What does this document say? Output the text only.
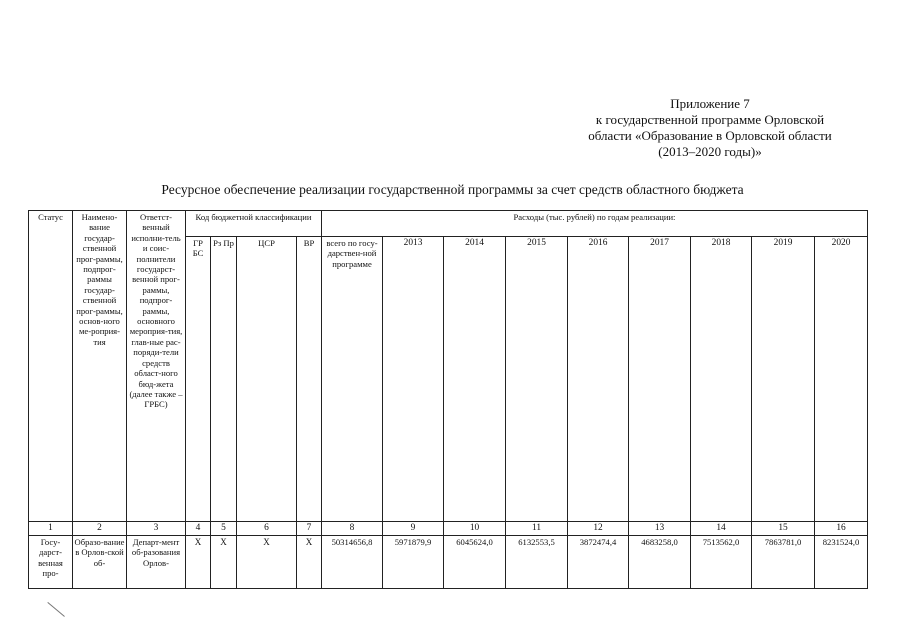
Приложение 7
к государственной программе Орловской
области «Образование в Орловской области
(2013–2020 годы)»
Ресурсное обеспечение реализации государственной программы за счет средств областного бюджета
Статус	Наимено-вание государ-ственной прог-раммы, подпрог-раммы государ-ственной прог-раммы, основ-ного ме-роприя-тия	Ответст-венный исполни-тель и соис-полнители государст-венной прог-раммы, подпрог-раммы, основного мероприя-тия, глав-ные рас-поряди-тели средств област-ного бюд-жета (далее также – ГРБС)	Код бюджетной классификации				Расходы (тыс. рублей) по годам реализации:								
			ГР БС	Рз Пр	ЦСР	ВР	всего по госу-дарствен-ной программе	2013	2014	2015	2016	2017	2018	2019	2020
1	2	3	4	5	6	7	8	9	10	11	12	13	14	15	16
Госу-дарст-венная про-	Образо-вание в Орлов-ской об-	Департ-мент об-разования Орлов-	Х	Х	Х	Х	50314656,8	5971879,9	6045624,0	6132553,5	3872474,4	4683258,0	7513562,0	7863781,0	8231524,0
